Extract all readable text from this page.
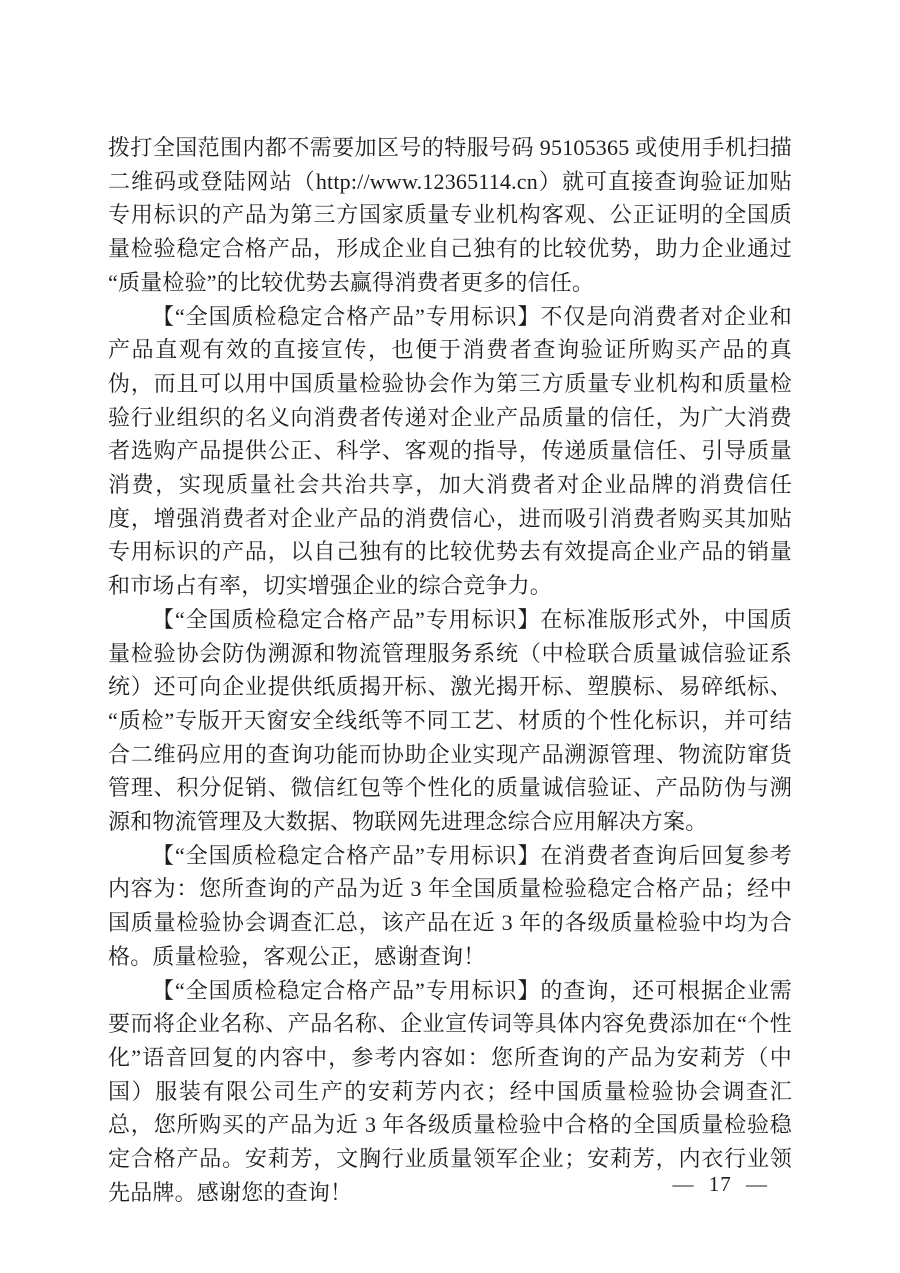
拨打全国范围内都不需要加区号的特服号码 95105365 或使用手机扫描二维码或登陆网站（http://www.12365114.cn）就可直接查询验证加贴专用标识的产品为第三方国家质量专业机构客观、公正证明的全国质量检验稳定合格产品，形成企业自己独有的比较优势，助力企业通过“质量检验”的比较优势去赢得消费者更多的信任。

【“全国质检稳定合格产品”专用标识】不仅是向消费者对企业和产品直观有效的直接宣传，也便于消费者查询验证所购买产品的真伪，而且可以用中国质量检验协会作为第三方质量专业机构和质量检验行业组织的名义向消费者传递对企业产品质量的信任，为广大消费者选购产品提供公正、科学、客观的指导，传递质量信任、引导质量消费，实现质量社会共治共享，加大消费者对企业品牌的消费信任度，增强消费者对企业产品的消费信心，进而吸引消费者购买其加贴专用标识的产品，以自己独有的比较优势去有效提高企业产品的销量和市场占有率，切实增强企业的综合竞争力。

【“全国质检稳定合格产品”专用标识】在标准版形式外，中国质量检验协会防伪溯源和物流管理服务系统（中检联合质量诚信验证系统）还可向企业提供纸质揭开标、激光揭开标、塑膜标、易碎纸标、“质检”专版开天窗安全线纸等不同工艺、材质的个性化标识，并可结合二维码应用的查询功能而协助企业实现产品溯源管理、物流防窜货管理、积分促销、微信红包等个性化的质量诚信验证、产品防伪与溯源和物流管理及大数据、物联网先进理念综合应用解决方案。

【“全国质检稳定合格产品”专用标识】在消费者查询后回复参考内容为：您所查询的产品为近 3 年全国质量检验稳定合格产品；经中国质量检验协会调查汇总，该产品在近 3 年的各级质量检验中均为合格。质量检验，客观公正，感谢查询！

【“全国质检稳定合格产品”专用标识】的查询，还可根据企业需要而将企业名称、产品名称、企业宣传词等具体内容免费添加在“个性化”语音回复的内容中，参考内容如：您所查询的产品为安莉芳（中国）服装有限公司生产的安莉芳内衣；经中国质量检验协会调查汇总，您所购买的产品为近 3 年各级质量检验中合格的全国质量检验稳定合格产品。安莉芳，文胸行业质量领军企业；安莉芳，内衣行业领先品牌。感谢您的查询！	— 17 —
